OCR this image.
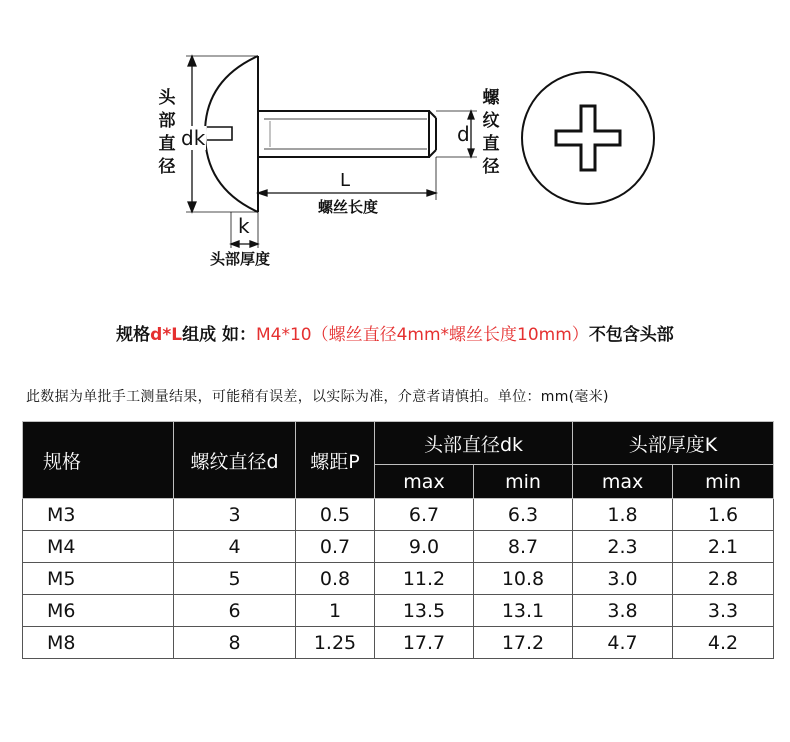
头
部
直
径
dk
k
头部厚度
L
螺丝长度
d
螺
纹
直
径
规格d*L组成 如：M4*10（螺丝直径4mm*螺丝长度10mm）不包含头部
此数据为单批手工测量结果，可能稍有误差，以实际为准，介意者请慎拍。单位：mm(毫米)
规格	螺纹直径d	螺距P	头部直径dk		头部厚度K	
			max	min	max	min
M3	3	0.5	6.7	6.3	1.8	1.6
M4	4	0.7	9.0	8.7	2.3	2.1
M5	5	0.8	11.2	10.8	3.0	2.8
M6	6	1	13.5	13.1	3.8	3.3
M8	8	1.25	17.7	17.2	4.7	4.2
